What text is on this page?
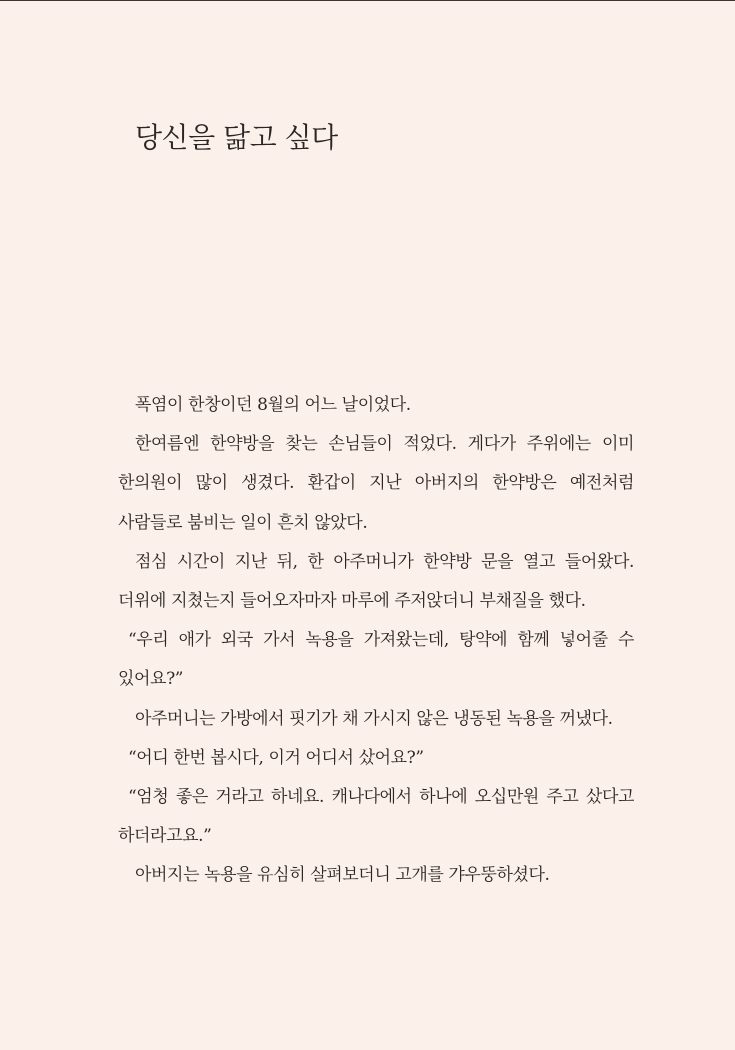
당신을 닮고 싶다

폭염이 한창이던 8월의 어느 날이었다.

한여름엔 한약방을 찾는 손님들이 적었다. 게다가 주위에는 이미 한의원이 많이 생겼다. 환갑이 지난 아버지의 한약방은 예전처럼 사람들로 붐비는 일이 흔치 않았다.

점심 시간이 지난 뒤, 한 아주머니가 한약방 문을 열고 들어왔다. 더위에 지쳤는지 들어오자마자 마루에 주저앉더니 부채질을 했다.

“우리 애가 외국 가서 녹용을 가져왔는데, 탕약에 함께 넣어줄 수 있어요?”

아주머니는 가방에서 핏기가 채 가시지 않은 냉동된 녹용을 꺼냈다.

“어디 한번 봅시다, 이거 어디서 샀어요?”

“엄청 좋은 거라고 하네요. 캐나다에서 하나에 오십만원 주고 샀다고 하더라고요.”

아버지는 녹용을 유심히 살펴보더니 고개를 갸우뚱하셨다.
